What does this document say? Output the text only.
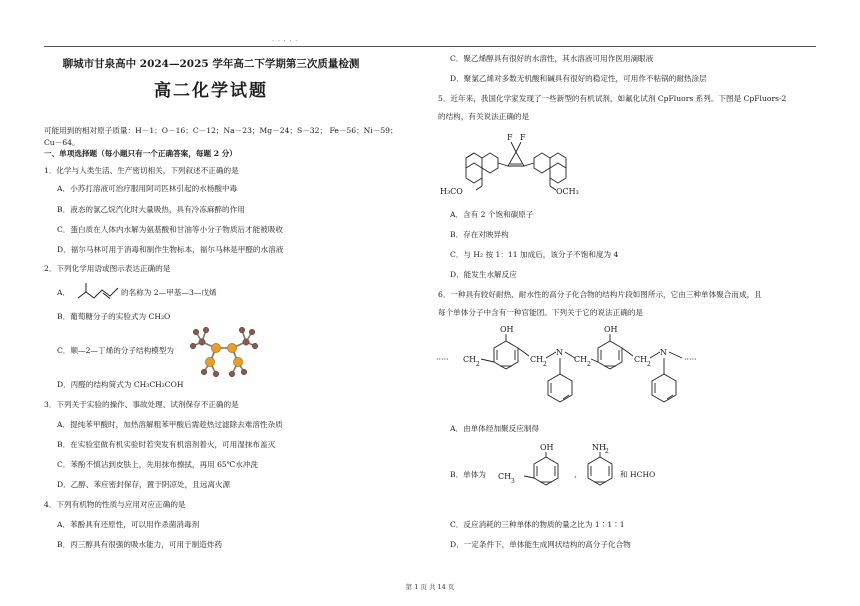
· · · · ·
聊城市甘泉高中 2024—2025 学年高二下学期第三次质量检测
高二化学试题
可能用到的相对原子质量：H－1；O－16；C－12；Na－23；Mg－24；S－32； Fe－56；Ni－59；
Cu－64。
一、单项选择题（每小题只有一个正确答案，每题 2 分）
1．化学与人类生活、生产密切相关，下列叙述不正确的是
A．小苏打溶液可治疗服用阿司匹林引起的水杨酸中毒
B．液态的氯乙烷汽化时大量吸热，具有冷冻麻醉的作用
C．蛋白质在人体内水解为氨基酸和甘油等小分子物质后才能被吸收
D．福尔马林可用于消毒和制作生物标本，福尔马林是甲醛的水溶液
2．下列化学用语或图示表达正确的是
A．	的名称为 2—甲基—3—戊烯
B．葡萄糖分子的实验式为 CH₂O
C．顺—2—丁烯的分子结构模型为
D．丙醛的结构简式为 CH₃CH₂COH
3．下列关于实验的操作、事故处理、试剂保存不正确的是
A．提纯苯甲酸时，加热溶解粗苯甲酸后需趁热过滤除去难溶性杂质
B．在实验室做有机实验时若突发有机溶剂着火，可用湿抹布盖灭
C．苯酚不慎沾到皮肤上，先用抹布擦拭，再用 65℃水冲洗
D．乙醇、苯应密封保存，置于阴凉处，且远离火源
4．下列有机物的性质与应用对应正确的是
A．苯酚具有还原性，可以用作杀菌消毒剂
B．丙三醇具有很强的吸水能力，可用于制造炸药
C．聚乙烯醇具有很好的水溶性，其水溶液可用作医用滴眼液
D．聚氯乙烯对多数无机酸和碱具有很好的稳定性，可用作不粘锅的耐热涂层
5．近年来，我国化学家发现了一些新型的有机试剂，如氟化试剂 CpFluors 系列。下图是 CpFluors-2
的结构，有关说法正确的是
F F
H₃CO	OCH₃
A．含有 2 个饱和碳原子
B．存在对映异构
C．与 H₂ 按 1：11 加成后，该分子不饱和度为 4
D．能发生水解反应
6．一种具有较好耐热、耐水性的高分子化合物的结构片段如图所示，它由三种单体聚合而成，且
每个单体分子中含有一种官能团。下列关于它的说法正确的是
····· CH
2
OH
CH
2
N
CH
2
OH
CH
2
N
·····
A．由单体经加聚反应制得
B．单体为
OH
CH
3
NH 2
、	和 HCHO
C．反应消耗的三种单体的物质的量之比为 1∶1∶1
D．一定条件下，单体能生成网状结构的高分子化合物
第 1 页 共 14 页
